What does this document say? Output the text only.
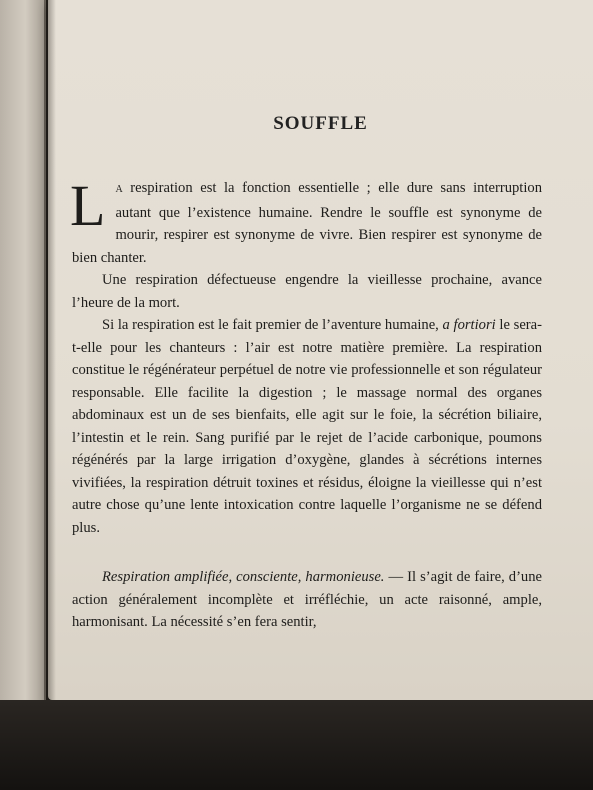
SOUFFLE

L A respiration est la fonction essentielle ; elle dure sans interruption autant que l’existence humaine. Rendre le souffle est synonyme de mourir, respirer est synonyme de vivre. Bien respirer est synonyme de bien chanter.

Une respiration défectueuse engendre la vieillesse prochaine, avance l’heure de la mort.

Si la respiration est le fait premier de l’aventure humaine, a fortiori le sera-t-elle pour les chanteurs : l’air est notre matière première. La respiration constitue le régénérateur perpétuel de notre vie professionnelle et son régulateur responsable. Elle facilite la digestion ; le massage normal des organes abdominaux est un de ses bienfaits, elle agit sur le foie, la sécrétion biliaire, l’intestin et le rein. Sang purifié par le rejet de l’acide carbonique, poumons régénérés par la large irrigation d’oxygène, glandes à sécrétions internes vivifiées, la respiration détruit toxines et résidus, éloigne la vieillesse qui n’est autre chose qu’une lente intoxication contre laquelle l’organisme ne se défend plus.

Respiration amplifiée, consciente, harmonieuse. — Il s’agit de faire, d’une action généralement incomplète et irréfléchie, un acte raisonné, ample, harmonisant. La nécessité s’en fera sentir,
